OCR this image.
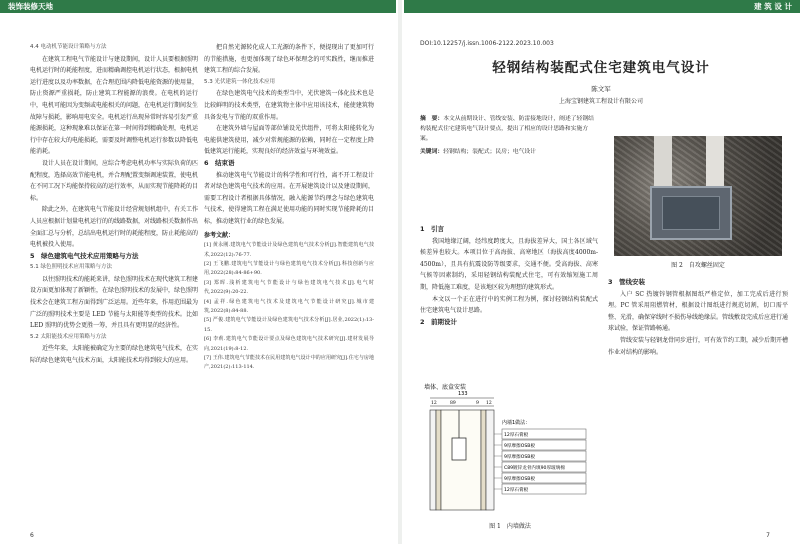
装饰装修天地	建 筑 设 计

4.4 电动机节能设计策略与方法

在建筑工程电气节能设计与建设期间，设计人员要根据照明电机运行时的耗能程度，进而精确调控电机运行状态，根据电机运行进度以及功率数据，在合理范围内降低电能资源的使用量，防止资源严重损耗，防止建筑工程能源的浪费。在电机的运行中，电机可能因为变频或电能相关的问题，在电机运行期间发生故障与损耗，影响用电安全。电机运行出现异常时容易引发严重能源损耗，这种现象难以保证在第一时间得到精确处理，电机运行中存在较大的电能损耗，需要及时调整电机运行参数以降低电能消耗。

设计人员在设计期间，应综合考虑电机功率与实际负荷的匹配程度，选择高效节能电机，并合理配置变频调速装置，使电机在不同工况下均能保持较高的运行效率，从而实现节能降耗的目标。

除此之外，在建筑电气节能设计经营规划机组中，有关工作人员应根据计划量电机运行的的线路数据，对线路相关数据作出全面汇总与分析，总结出电机运行时的耗能程度，防止耗能高的电机被投入使用。

5　绿色建筑电气技术应用策略与方法

5.1 绿色照明技术应用策略与方法

以往照明技术的能耗来讲，绿色照明技术在现代建筑工程建设方面更加体现了新颖性，在绿色照明技术的发展中，绿色照明技术会在建筑工程方面得到广泛运用。近些年来，作用范围最为广泛的照明技术主要是 LED 节能与太阳能等类型的技术。比如 LED 照明的优势会更胜一筹，并且具有更明显的经济性。

5.2 太阳能技术应用策略与方法

近些年来，太阳能被确定为主要的绿色建筑电气技术，在实际的绿色建筑电气技术方面，太阳能技术均得到较大的应用。

把自然光源转化成人工光源的条件下，便提现出了更加可行的节能措施，也更加体现了绿色环保理念的可实践性，继而推进建筑工程的综合发展。

5.3 光伏建筑一体化技术应用

在绿色建筑电气技术的类型当中，光伏建筑一体化技术也是比较鲜明的技术类型，在建筑物主体中应用该技术，能使建筑物具备发电与节能的双重作用。

在建筑外墙与屋面等部位铺设光伏组件，可将太阳能转化为电能供建筑使用，减少对常规能源的依赖，同时在一定程度上降低建筑运行能耗，实现良好的经济效益与环境效益。

6　结束语

推动建筑电气节能设计的科学性和可行性，离不开工程设计者对绿色建筑电气技术的应用。在开展建筑设计以及建设期间，需要工程设计者根据具体情况，融入能源节约理念与绿色建筑电气技术，使得建筑工程在满足使用功能的同时实现节能降耗的目标，推动建筑行业的绿色发展。

参考文献：
[1] 黄永刚.建筑电气节能设计及绿色建筑电气技术分析[J].智能建筑电气技术,2022(12):76-77.
[2] 王飞鹏.建筑电气节能设计与绿色建筑电气技术分析[J].科技创新与应用,2022(28):84-86+90.
[3] 郑晖.浅析建筑电气节能设计与绿色建筑电气技术[J].电气时代,2022(9):20-22.
[4] 孟祥.绿色建筑电气技术及建筑电气节能设计研究[J].城市建筑,2022(8):84-88.
[5] 严俊.建筑电气节能设计及绿色建筑电气技术分析[J].居业,2022(1):13-15.
[6] 李莉.建筑电气节能设计要点及绿色建筑电气技术研究[J].建材发展导向,2021(19):8-12.
[7] 王伟.建筑电气节能技术在民用建筑电气设计中的应用研究[J].住宅与房地产,2021(2):113-114.
6
DOI:10.12257/j.issn.1006-2122.2023.10.003
轻钢结构装配式住宅建筑电气设计
陈文军
上海宝钢建筑工程设计有限公司
摘　要：本文从前期设计、管线安装、防雷接地设计，阐述了轻钢结构装配式住宅建筑电气设计要点，提出了相应的设计思路和实施方案。
关键词：轻钢结构；装配式；民房；电气设计

1　引言

我国地缘辽阔，经纬度跨度大，且海拔差异大，国土各区域气候差异也较大。本项目位于高海拔、高寒地区（海拔高度4000m-4500m），且具有抗震设防等级要求，交通不便。受高海拔、高寒气候等因素制约，采用轻钢结构装配式住宅，可有效缩短施工周期，降低施工难度，是该地区较为理想的建筑形式。

本文以一个正在进行中的实例工程为例，探讨轻钢结构装配式住宅建筑电气设计思路。

2　前期设计

墙体、底盒安装
133
12	89	9 12
内墙1做法：
12厚石膏板
9厚摩擦OSB板
9厚摩擦OSB板
C89镀锌龙骨内填90厚玻璃棉
9厚摩擦OSB板
12厚石膏板
图 1　内墙做法
图 2　自攻螺丝固定

3　管线安装

入户 SC 热镀锌钢管根据图纸严格定位，加工完成后进行预埋。PC 管采用阻燃管材，根据设计图纸进行规范切割，切口需平整、光滑，确保穿线时不损伤导线绝缘层。管线敷设完成后应进行通球试验，保证管路畅通。

管线安装与轻钢龙骨同步进行，可有效节约工期，减少后期开槽作业对结构的影响。

7
